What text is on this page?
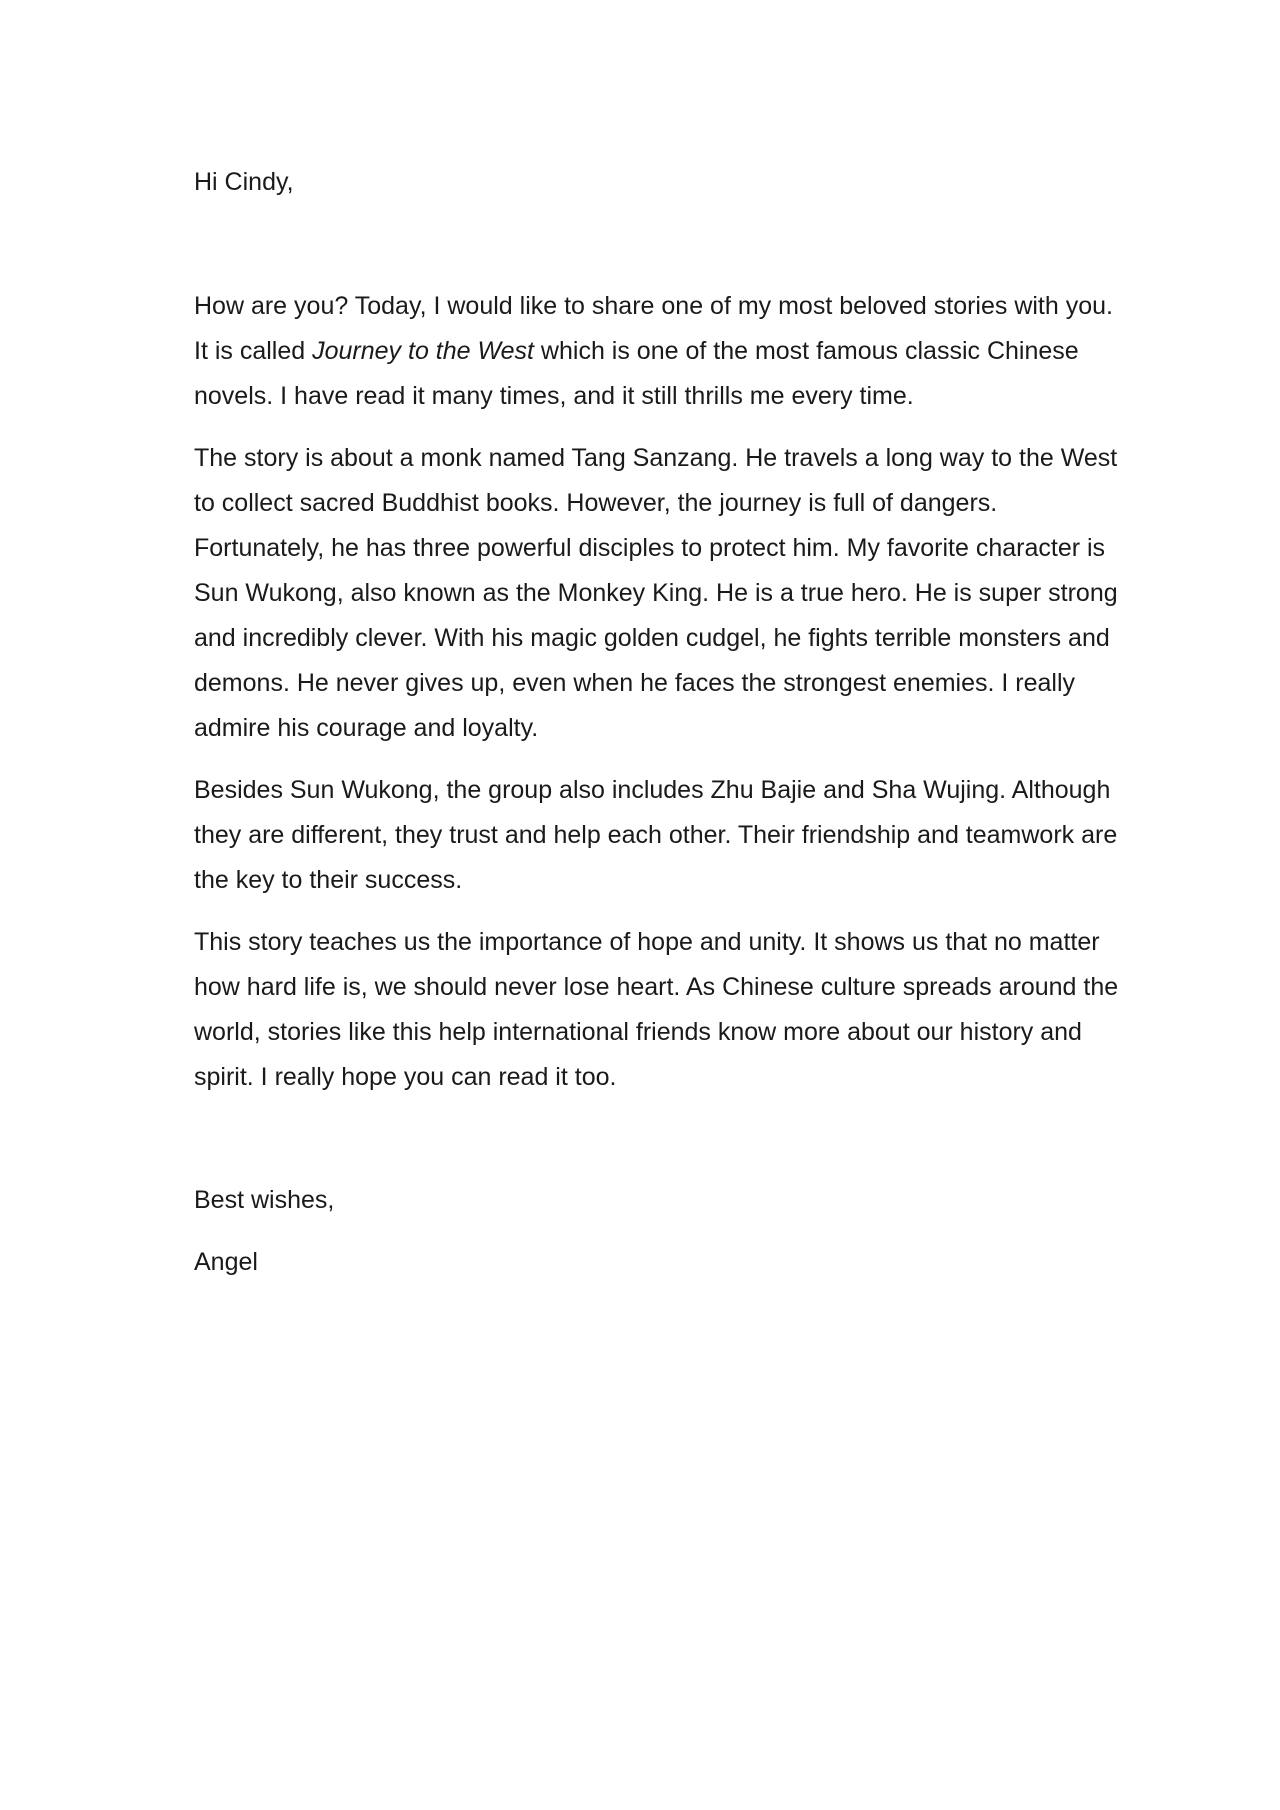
Hi Cindy,

How are you? Today, I would like to share one of my most beloved stories with you. It is called Journey to the West which is one of the most famous classic Chinese novels. I have read it many times, and it still thrills me every time.

The story is about a monk named Tang Sanzang. He travels a long way to the West to collect sacred Buddhist books. However, the journey is full of dangers. Fortunately, he has three powerful disciples to protect him. My favorite character is Sun Wukong, also known as the Monkey King. He is a true hero. He is super strong and incredibly clever. With his magic golden cudgel, he fights terrible monsters and demons. He never gives up, even when he faces the strongest enemies. I really admire his courage and loyalty.

Besides Sun Wukong, the group also includes Zhu Bajie and Sha Wujing. Although they are different, they trust and help each other. Their friendship and teamwork are the key to their success.

This story teaches us the importance of hope and unity. It shows us that no matter how hard life is, we should never lose heart. As Chinese culture spreads around the world, stories like this help international friends know more about our history and spirit. I really hope you can read it too.

Best wishes,

Angel
